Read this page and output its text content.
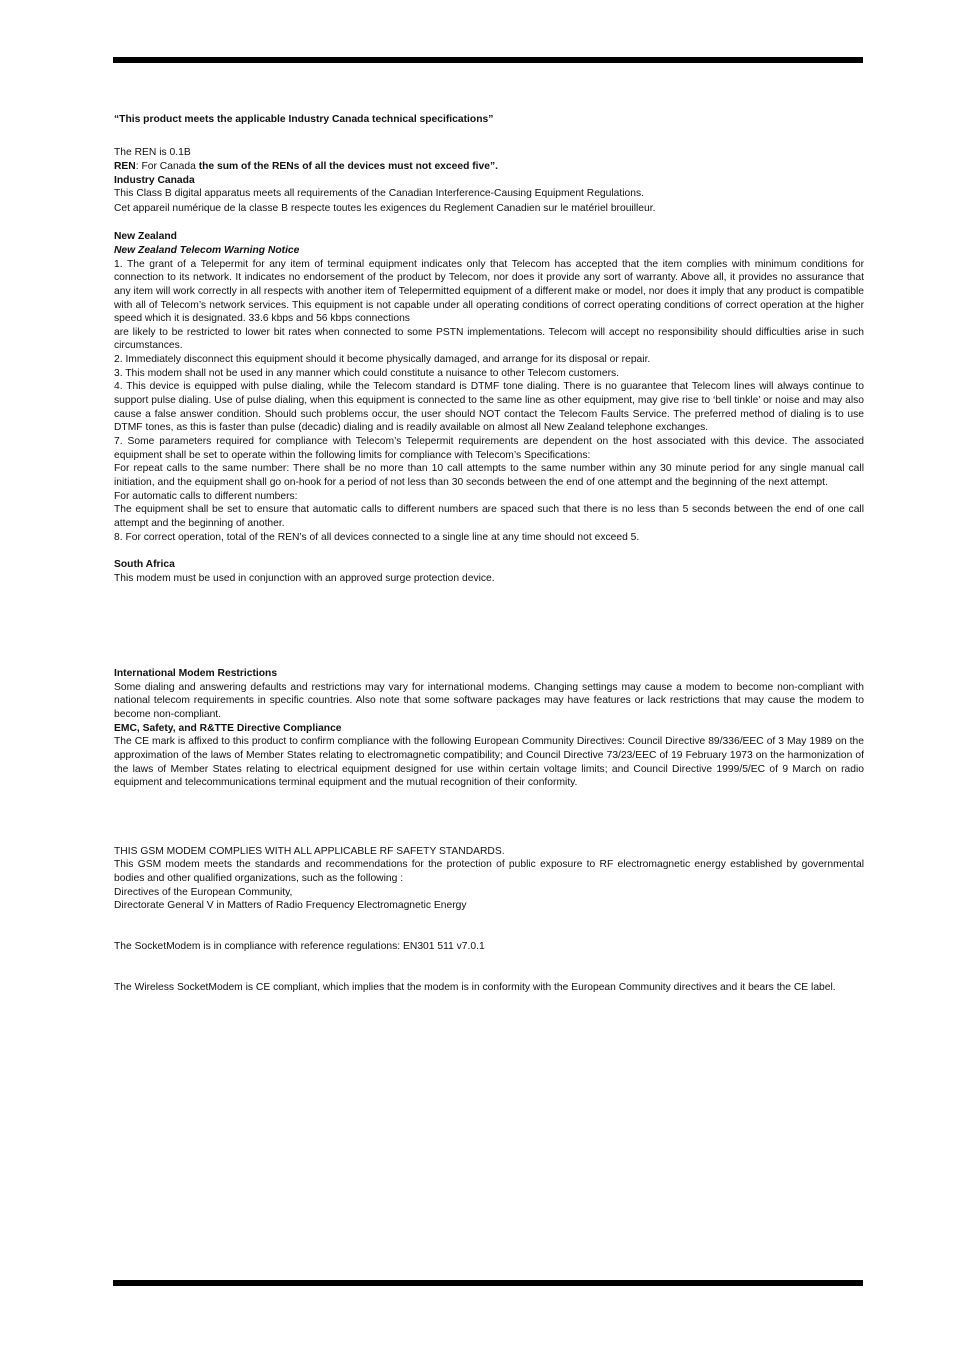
“This product meets the applicable Industry Canada technical specifications”

The REN is 0.1B

REN: For Canada the sum of the RENs of all the devices must not exceed five”.

Industry Canada

This Class B digital apparatus meets all requirements of the Canadian Interference-Causing Equipment Regulations.

Cet appareil numérique de la classe B respecte toutes les exigences du Reglement Canadien sur le matériel brouilleur.

New Zealand

New Zealand Telecom Warning Notice

1. The grant of a Telepermit for any item of terminal equipment indicates only that Telecom has accepted that the item complies with minimum conditions for connection to its network. It indicates no endorsement of the product by Telecom, nor does it provide any sort of warranty. Above all, it provides no assurance that any item will work correctly in all respects with another item of Telepermitted equipment of a different make or model, nor does it imply that any product is compatible with all of Telecom’s network services. This equipment is not capable under all operating conditions of correct operating conditions of correct operation at the higher speed which it is designated. 33.6 kbps and 56 kbps connections

are likely to be restricted to lower bit rates when connected to some PSTN implementations. Telecom will accept no responsibility should difficulties arise in such circumstances.

2. Immediately disconnect this equipment should it become physically damaged, and arrange for its disposal or repair.

3. This modem shall not be used in any manner which could constitute a nuisance to other Telecom customers.

4. This device is equipped with pulse dialing, while the Telecom standard is DTMF tone dialing. There is no guarantee that Telecom lines will always continue to support pulse dialing. Use of pulse dialing, when this equipment is connected to the same line as other equipment, may give rise to ‘bell tinkle’ or noise and may also cause a false answer condition. Should such problems occur, the user should NOT contact the Telecom Faults Service. The preferred method of dialing is to use DTMF tones, as this is faster than pulse (decadic) dialing and is readily available on almost all New Zealand telephone exchanges.

7. Some parameters required for compliance with Telecom’s Telepermit requirements are dependent on the host associated with this device. The associated equipment shall be set to operate within the following limits for compliance with Telecom’s Specifications:

For repeat calls to the same number: There shall be no more than 10 call attempts to the same number within any 30 minute period for any single manual call initiation, and the equipment shall go on-hook for a period of not less than 30 seconds between the end of one attempt and the beginning of the next attempt.

For automatic calls to different numbers:

The equipment shall be set to ensure that automatic calls to different numbers are spaced such that there is no less than 5 seconds between the end of one call attempt and the beginning of another.

8. For correct operation, total of the REN’s of all devices connected to a single line at any time should not exceed 5.

South Africa

This modem must be used in conjunction with an approved surge protection device.

International Modem Restrictions

Some dialing and answering defaults and restrictions may vary for international modems. Changing settings may cause a modem to become non-compliant with national telecom requirements in specific countries. Also note that some software packages may have features or lack restrictions that may cause the modem to become non-compliant.

EMC, Safety, and R&TTE Directive Compliance

The CE mark is affixed to this product to confirm compliance with the following European Community Directives: Council Directive 89/336/EEC of 3 May 1989 on the approximation of the laws of Member States relating to electromagnetic compatibility; and Council Directive 73/23/EEC of 19 February 1973 on the harmonization of the laws of Member States relating to electrical equipment designed for use within certain voltage limits; and Council Directive 1999/5/EC of 9 March on radio equipment and telecommunications terminal equipment and the mutual recognition of their conformity.

THIS GSM MODEM COMPLIES WITH ALL APPLICABLE RF SAFETY STANDARDS.

This GSM modem meets the standards and recommendations for the protection of public exposure to RF electromagnetic energy established by governmental bodies and other qualified organizations, such as the following :

Directives of the European Community,

Directorate General V in Matters of Radio Frequency Electromagnetic Energy

The SocketModem is in compliance with reference regulations: EN301 511 v7.0.1

The Wireless SocketModem is CE compliant, which implies that the modem is in conformity with the European Community directives and it bears the CE label.
